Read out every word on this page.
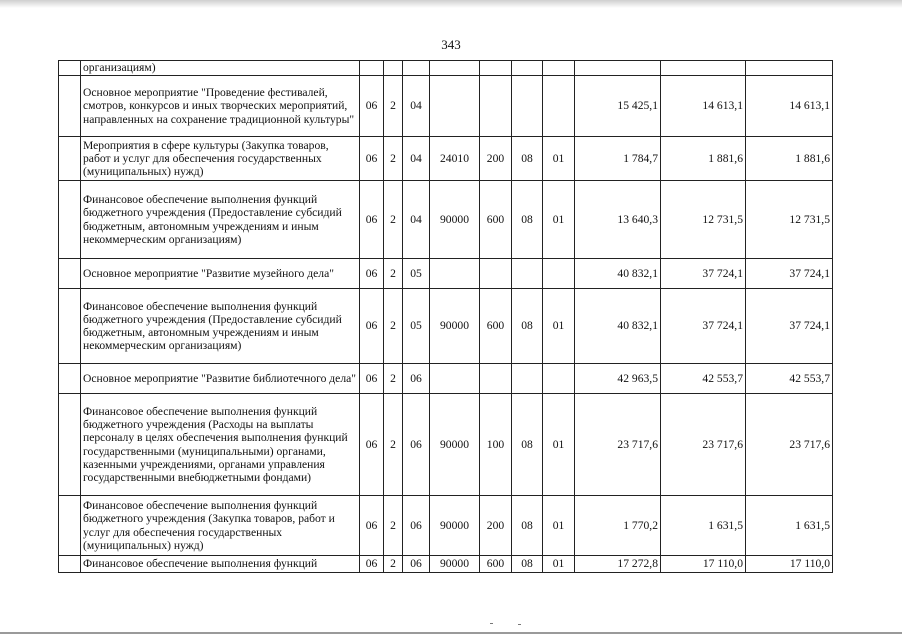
343
	организациям)										
	Основное мероприятие "Проведение фестивалей, смотров, конкурсов и иных творческих мероприятий, направленных на сохранение традиционной культуры"	06	2	04					15 425,1	14 613,1	14 613,1
	Мероприятия в сфере культуры (Закупка товаров, работ и услуг для обеспечения государственных (муниципальных) нужд)	06	2	04	24010	200	08	01	1 784,7	1 881,6	1 881,6
	Финансовое обеспечение выполнения функций бюджетного учреждения (Предоставление субсидий бюджетным, автономным учреждениям и иным некоммерческим организациям)	06	2	04	90000	600	08	01	13 640,3	12 731,5	12 731,5
	Основное мероприятие "Развитие музейного дела"	06	2	05					40 832,1	37 724,1	37 724,1
	Финансовое обеспечение выполнения функций бюджетного учреждения (Предоставление субсидий бюджетным, автономным учреждениям и иным некоммерческим организациям)	06	2	05	90000	600	08	01	40 832,1	37 724,1	37 724,1
	Основное мероприятие "Развитие библиотечного дела"	06	2	06					42 963,5	42 553,7	42 553,7
	Финансовое обеспечение выполнения функций бюджетного учреждения (Расходы на выплаты персоналу в целях обеспечения выполнения функций государственными (муниципальными) органами, казенными учреждениями, органами управления государственными внебюджетными фондами)	06	2	06	90000	100	08	01	23 717,6	23 717,6	23 717,6
	Финансовое обеспечение выполнения функций бюджетного учреждения (Закупка товаров, работ и услуг для обеспечения государственных (муниципальных) нужд)	06	2	06	90000	200	08	01	1 770,2	1 631,5	1 631,5
	Финансовое обеспечение выполнения функций	06	2	06	90000	600	08	01	17 272,8	17 110,0	17 110,0
